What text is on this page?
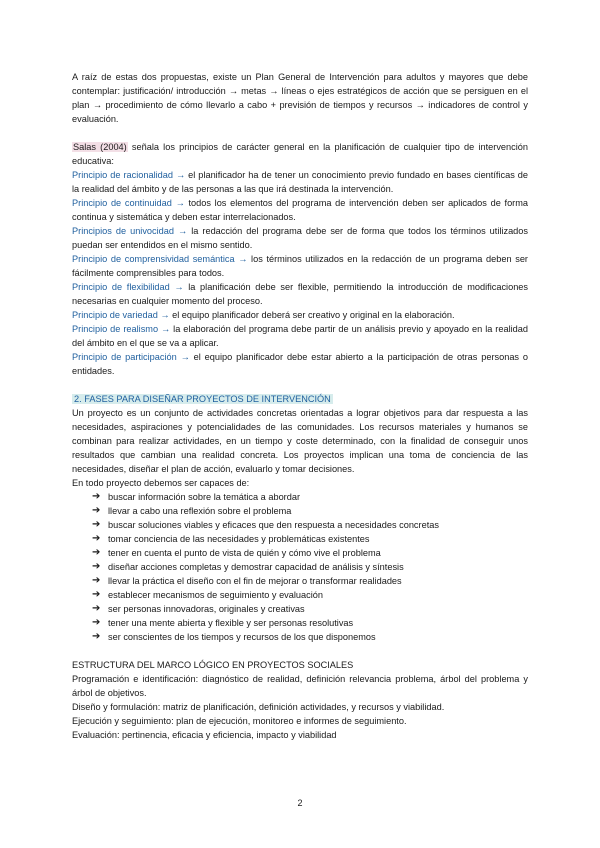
A raíz de estas dos propuestas, existe un Plan General de Intervención para adultos y mayores que debe contemplar: justificación/ introducción → metas → líneas o ejes estratégicos de acción que se persiguen en el plan → procedimiento de cómo llevarlo a cabo + previsión de tiempos y recursos → indicadores de control y evaluación.

Salas (2004) señala los principios de carácter general en la planificación de cualquier tipo de intervención educativa:

Principio de racionalidad → el planificador ha de tener un conocimiento previo fundado en bases científicas de la realidad del ámbito y de las personas a las que irá destinada la intervención.

Principio de continuidad → todos los elementos del programa de intervención deben ser aplicados de forma continua y sistemática y deben estar interrelacionados.

Principios de univocidad → la redacción del programa debe ser de forma que todos los términos utilizados puedan ser entendidos en el mismo sentido.

Principio de comprensividad semántica → los términos utilizados en la redacción de un programa deben ser fácilmente comprensibles para todos.

Principio de flexibilidad → la planificación debe ser flexible, permitiendo la introducción de modificaciones necesarias en cualquier momento del proceso.

Principio de variedad → el equipo planificador deberá ser creativo y original en la elaboración.

Principio de realismo → la elaboración del programa debe partir de un análisis previo y apoyado en la realidad del ámbito en el que se va a aplicar.

Principio de participación → el equipo planificador debe estar abierto a la participación de otras personas o entidades.

2. FASES PARA DISEÑAR PROYECTOS DE INTERVENCIÓN

Un proyecto es un conjunto de actividades concretas orientadas a lograr objetivos para dar respuesta a las necesidades, aspiraciones y potencialidades de las comunidades. Los recursos materiales y humanos se combinan para realizar actividades, en un tiempo y coste determinado, con la finalidad de conseguir unos resultados que cambian una realidad concreta. Los proyectos implican una toma de conciencia de las necesidades, diseñar el plan de acción, evaluarlo y tomar decisiones.

En todo proyecto debemos ser capaces de:

➔ buscar información sobre la temática a abordar
➔ llevar a cabo una reflexión sobre el problema
➔ buscar soluciones viables y eficaces que den respuesta a necesidades concretas
➔ tomar conciencia de las necesidades y problemáticas existentes
➔ tener en cuenta el punto de vista de quién y cómo vive el problema
➔ diseñar acciones completas y demostrar capacidad de análisis y síntesis
➔ llevar la práctica el diseño con el fin de mejorar o transformar realidades
➔ establecer mecanismos de seguimiento y evaluación
➔ ser personas innovadoras, originales y creativas
➔ tener una mente abierta y flexible y ser personas resolutivas
➔ ser conscientes de los tiempos y recursos de los que disponemos

ESTRUCTURA DEL MARCO LÓGICO EN PROYECTOS SOCIALES

Programación e identificación: diagnóstico de realidad, definición relevancia problema, árbol del problema y árbol de objetivos.

Diseño y formulación: matriz de planificación, definición actividades, y recursos y viabilidad.

Ejecución y seguimiento: plan de ejecución, monitoreo e informes de seguimiento.

Evaluación: pertinencia, eficacia y eficiencia, impacto y viabilidad

2
